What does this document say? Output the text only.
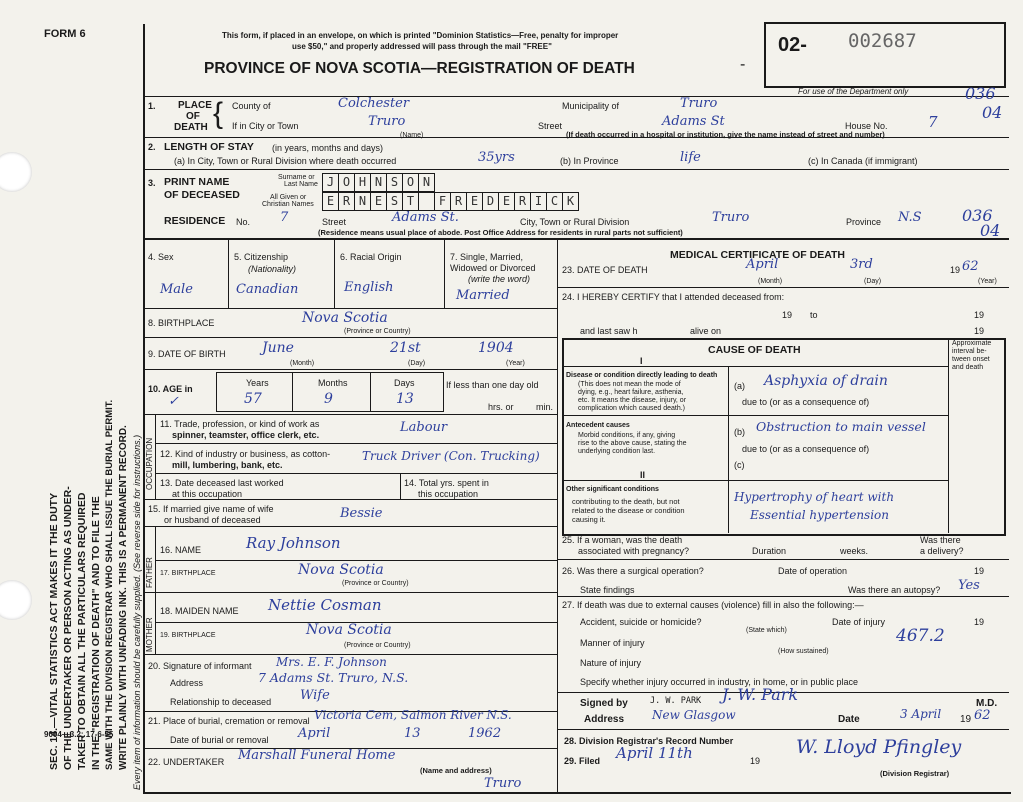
SEC. 14.—VITAL STATISTICS ACT MAKES IT THE DUTY OF THE UNDERTAKER OR PERSON ACTING AS UNDER- TAKER TO OBTAIN ALL THE PARTICULARS REQUIRED IN THE "REGISTRATION OF DEATH" AND TO FILE THE SAME WITH THE DIVISION REGISTRAR WHO SHALL ISSUE THE BURIAL PERMIT. WRITE PLAINLY WITH UNFADING INK. THIS IS A PERMANENT RECORD. Every item of information should be carefully supplied. (See reverse side for instructions.)
FORM 6	This form, if placed in an envelope, on which is printed "Dominion Statistics—Free, penalty for improper
use $50," and properly addressed will pass through the mail "FREE"
PROVINCE OF NOVA SCOTIA—REGISTRATION OF DEATH
02- 002687
-
For use of the Department only
1. PLACE
OF
DEATH { County of	Colchester	Municipality of	Truro
036
04
If in City or Town	Truro
(Name)
Street	Adams St	House No.	7
(If death occurred in a hospital or institution, give the name instead of street and number)
2. LENGTH OF STAY (in years, months and days)
(a) In City, Town or Rural Division where death occurred	35yrs	(b) In Province	life	(c) In Canada (if immigrant)
3. PRINT NAME
OF DECEASED
Surname or
Last Name
All Given or
Christian Names
J O H N S O N
E R N E S T	F R E D E R I C K
RESIDENCE No. 7	Street	Adams St.	City, Town or Rural Division	Truro	Province N.S	036
04
(Residence means usual place of abode. Post Office Address for residents in rural parts not sufficient)
4. Sex
Male
5. Citizenship
(Nationality)
Canadian
6. Racial Origin
English
7. Single, Married,
Widowed or Divorced
(write the word)
Married
8. BIRTHPLACE	Nova Scotia
(Province or Country)
9. DATE OF BIRTH	June	21st	1904
(Month)	(Day)	(Year)
10. AGE in
✓
Years	Months	Days
57	9	13
If less than one day old
hrs. or min.
OCCUPATION
11. Trade, profession, or kind of work as
spinner, teamster, office clerk, etc.	Labour
12. Kind of industry or business, as cotton-
mill, lumbering, bank, etc.
Truck Driver (Con. Trucking)
13. Date deceased last worked
at this occupation
14. Total yrs. spent in
this occupation
15. If married give name of wife
or husband of deceased	Bessie
FATHER
16. NAME	Ray Johnson
17. BIRTHPLACE	Nova Scotia
(Province or Country)
MOTHER
18. MAIDEN NAME Nettie Cosman
19. BIRTHPLACE	Nova Scotia
(Province or Country)
20. Signature of informant Mrs. E. F. Johnson
Address	7 Adams St. Truro, N.S.
Relationship to deceased Wife
21. Place of burial, cremation or removal Victoria Cem, Salmon River N.S.
Date of burial or removal April	13	1962
22. UNDERTAKER Marshall Funeral Home
(Name and address)
Truro
MEDICAL CERTIFICATE OF DEATH
23. DATE OF DEATH	April	3rd	19 62
(Month)	(Day)	(Year)
24. I HEREBY CERTIFY that I attended deceased from:
19 to	19
and last saw h	alive on	19
CAUSE OF DEATH
Approximate
interval be-
tween onset
and death
I
Disease or condition directly leading to death
(This does not mean the mode of
dying, e.g., heart failure, asthenia,
etc. It means the disease, injury, or
complication which caused death.)
(a) Asphyxia of drain
due to (or as a consequence of)
Antecedent causes
Morbid conditions, if any, giving
rise to the above cause, stating the
underlying condition last.
(b) Obstruction to main vessel
due to (or as a consequence of)
(c)
II
Other significant conditions
contributing to the death, but not
related to the disease or condition
causing it.
Hypertrophy of heart with
Essential hypertension
25. If a woman, was the death
associated with pregnancy?	Duration	weeks.
Was there
a delivery?
26. Was there a surgical operation?	Date of operation	19
State findings	Was there an autopsy? Yes
27. If death was due to external causes (violence) fill in also the following:—
Accident, suicide or homicide?
(State which)
Date of injury	19
467.2
Manner of injury
(How sustained)
Nature of injury
Specify whether injury occurred in industry, in home, or in public place
Signed by	J. W. PARK J. W. Park	M.D.
Address New Glasgow	Date	3 April 19 62
28. Division Registrar's Record Number
29. Filed April 11th	19
W. Lloyd Pfingley
(Division Registrar)
9004—3.2: 17-6-55
